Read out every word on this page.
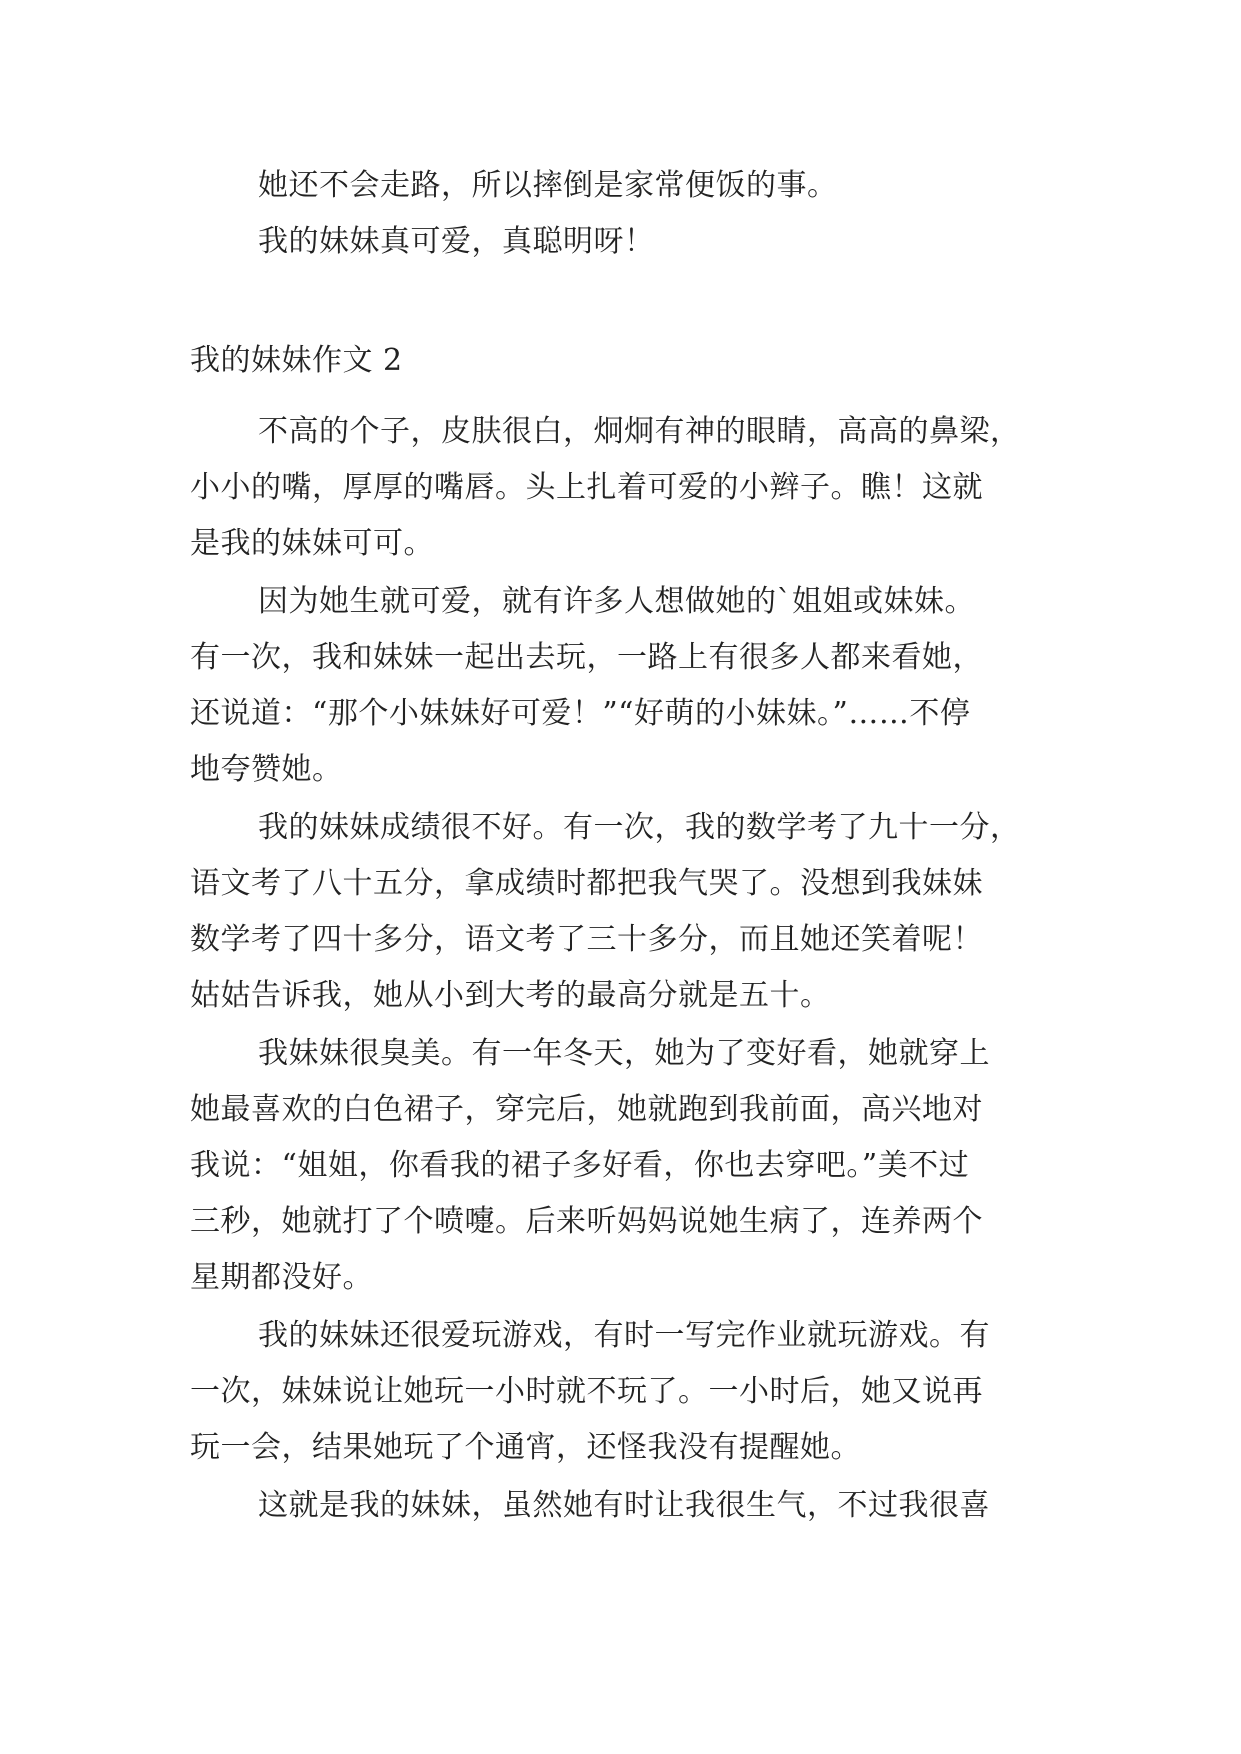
她还不会走路，所以摔倒是家常便饭的事。
我的妹妹真可爱，真聪明呀！
我的妹妹作文 2
不高的个子，皮肤很白，炯炯有神的眼睛，高高的鼻梁，
小小的嘴，厚厚的嘴唇。头上扎着可爱的小辫子。瞧！这就
是我的妹妹可可。
因为她生就可爱，就有许多人想做她的`姐姐或妹妹。
有一次，我和妹妹一起出去玩，一路上有很多人都来看她，
还说道：“那个小妹妹好可爱！”“好萌的小妹妹。”……不停
地夸赞她。
我的妹妹成绩很不好。有一次，我的数学考了九十一分，
语文考了八十五分，拿成绩时都把我气哭了。没想到我妹妹
数学考了四十多分，语文考了三十多分，而且她还笑着呢！
姑姑告诉我，她从小到大考的最高分就是五十。
我妹妹很臭美。有一年冬天，她为了变好看，她就穿上
她最喜欢的白色裙子，穿完后，她就跑到我前面，高兴地对
我说：“姐姐，你看我的裙子多好看，你也去穿吧。”美不过
三秒，她就打了个喷嚏。后来听妈妈说她生病了，连养两个
星期都没好。
我的妹妹还很爱玩游戏，有时一写完作业就玩游戏。有
一次，妹妹说让她玩一小时就不玩了。一小时后，她又说再
玩一会，结果她玩了个通宵，还怪我没有提醒她。
这就是我的妹妹，虽然她有时让我很生气，不过我很喜
